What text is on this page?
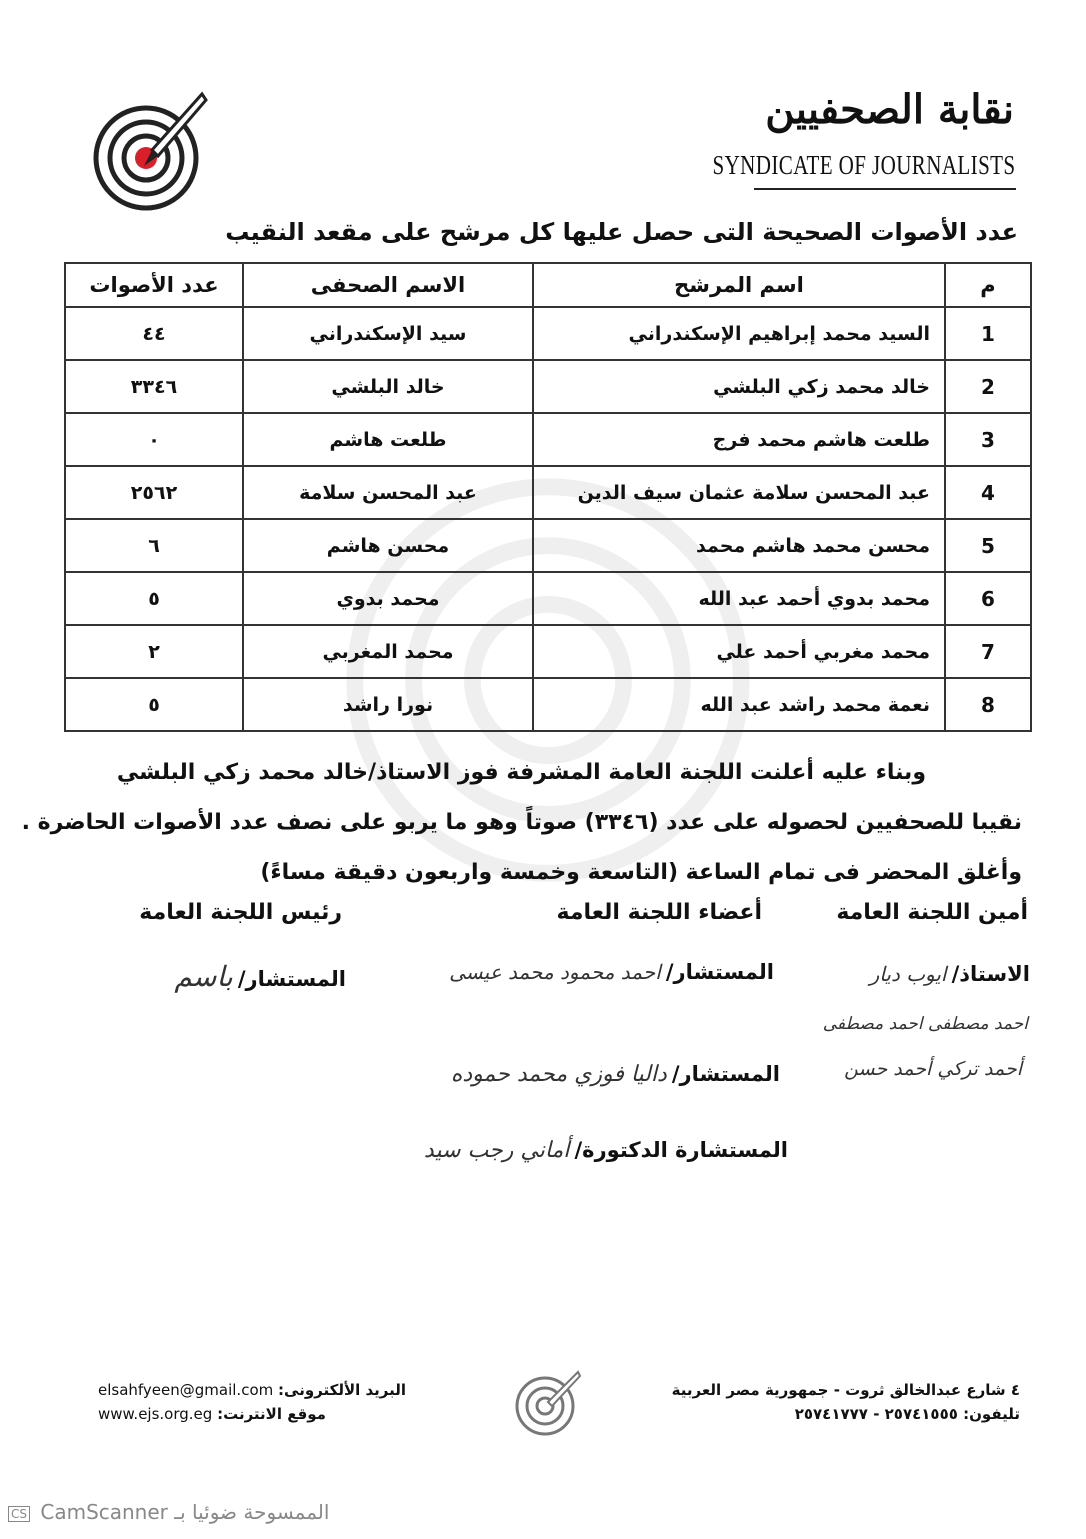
نقابة الصحفيين
SYNDICATE OF JOURNALISTS
عدد الأصوات الصحيحة التى حصل عليها كل مرشح على مقعد النقيب
م	اسم المرشح	الاسم الصحفى	عدد الأصوات
1	السيد محمد إبراهيم الإسكندراني	سيد الإسكندراني	٤٤
2	خالد محمد زكي البلشي	خالد البلشي	٣٣٤٦
3	طلعت هاشم محمد فرج	طلعت هاشم	٠
4	عبد المحسن سلامة عثمان سيف الدين	عبد المحسن سلامة	٢٥٦٢
5	محسن محمد هاشم محمد	محسن هاشم	٦
6	محمد بدوي أحمد عبد الله	محمد بدوي	٥
7	محمد مغربي أحمد علي	محمد المغربي	٢
8	نعمة محمد راشد عبد الله	نورا راشد	٥
وبناء عليه أعلنت اللجنة العامة المشرفة فوز الاستاذ/خالد محمد زكي البلشي
نقيبا للصحفيين لحصوله على عدد (٣٣٤٦) صوتاً وهو ما يربو على نصف عدد الأصوات الحاضرة .
وأغلق المحضر فى تمام الساعة (التاسعة وخمسة واربعون دقيقة مساءً)
أمين اللجنة العامة
أعضاء اللجنة العامة
رئيس اللجنة العامة
الاستاذ/ ايوب ديار
المستشار/ احمد محمود محمد عيسى
المستشار/ باسم
احمد مصطفى احمد مصطفى
أحمد تركي أحمد حسن
المستشار/ داليا فوزي محمد حموده
المستشارة الدكتورة/ أماني رجب سيد
٤ شارع عبدالخالق ثروت - جمهورية مصر العربية
تليفون: ٢٥٧٤١٥٥٥ - ٢٥٧٤١٧٧٧
elsahfyeen@gmail.com البريد الألكترونى:
www.ejs.org.eg موقع الانترنت:
CS الممسوحة ضوئيا بـ CamScanner
